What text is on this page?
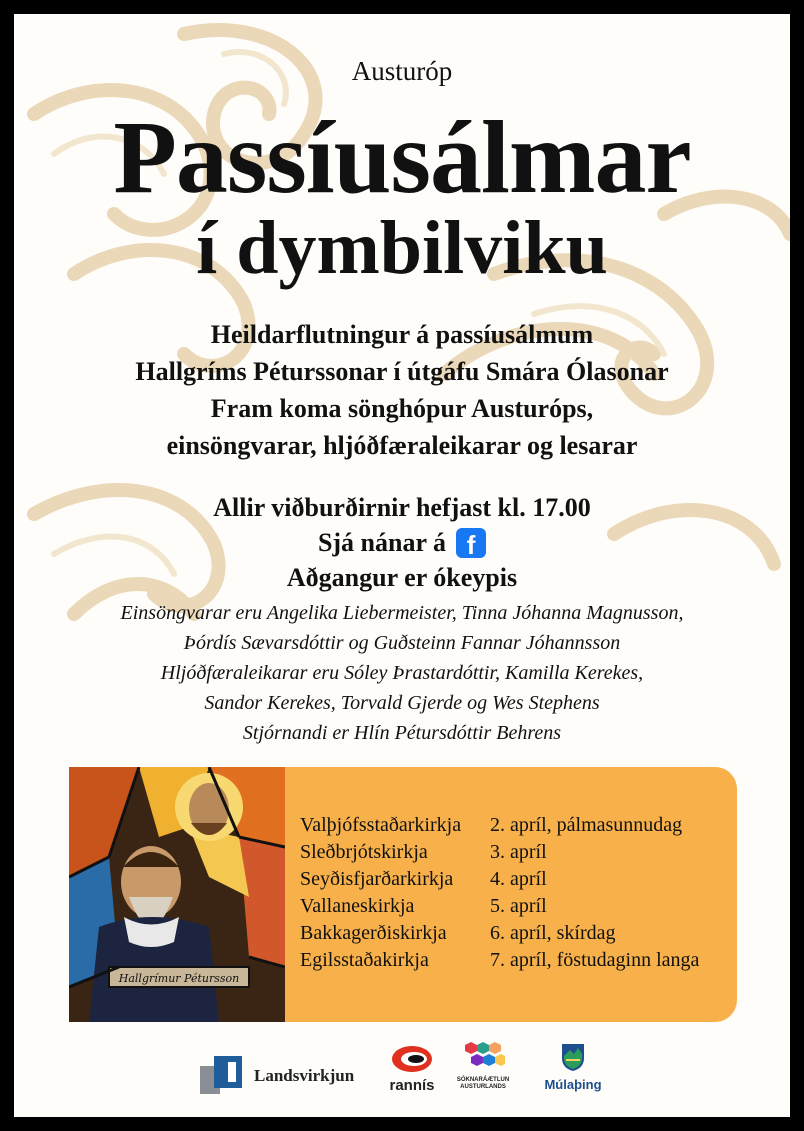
Austuróp
Passíusálmar
í dymbilviku
Heildarflutningur á passíusálmum
Hallgríms Péturssonar í útgáfu Smára Ólasonar
Fram koma sönghópur Austuróps,
einsöngvarar, hljóðfæraleikarar og lesarar
Allir viðburðirnir hefjast kl. 17.00
Sjá nánar á f
Aðgangur er ókeypis
Einsöngvarar eru Angelika Liebermeister, Tinna Jóhanna Magnusson,
Þórdís Sævarsdóttir og Guðsteinn Fannar Jóhannsson
Hljóðfæraleikarar eru Sóley Þrastardóttir, Kamilla Kerekes,
Sandor Kerekes, Torvald Gjerde og Wes Stephens
Stjórnandi er Hlín Pétursdóttir Behrens
Hallgrímur Pétursson
Valþjófsstaðarkirkja	2. apríl, pálmasunnudag
Sleðbrjótskirkja	3. apríl
Seyðisfjarðarkirkja	4. apríl
Vallaneskirkja	5. apríl
Bakkagerðiskirkja	6. apríl, skírdag
Egilsstaðakirkja	7. apríl, föstudaginn langa
Landsvirkjun
rannís	SÓKNARÁÆTLUN AUSTURLANDS	Múlaþing
